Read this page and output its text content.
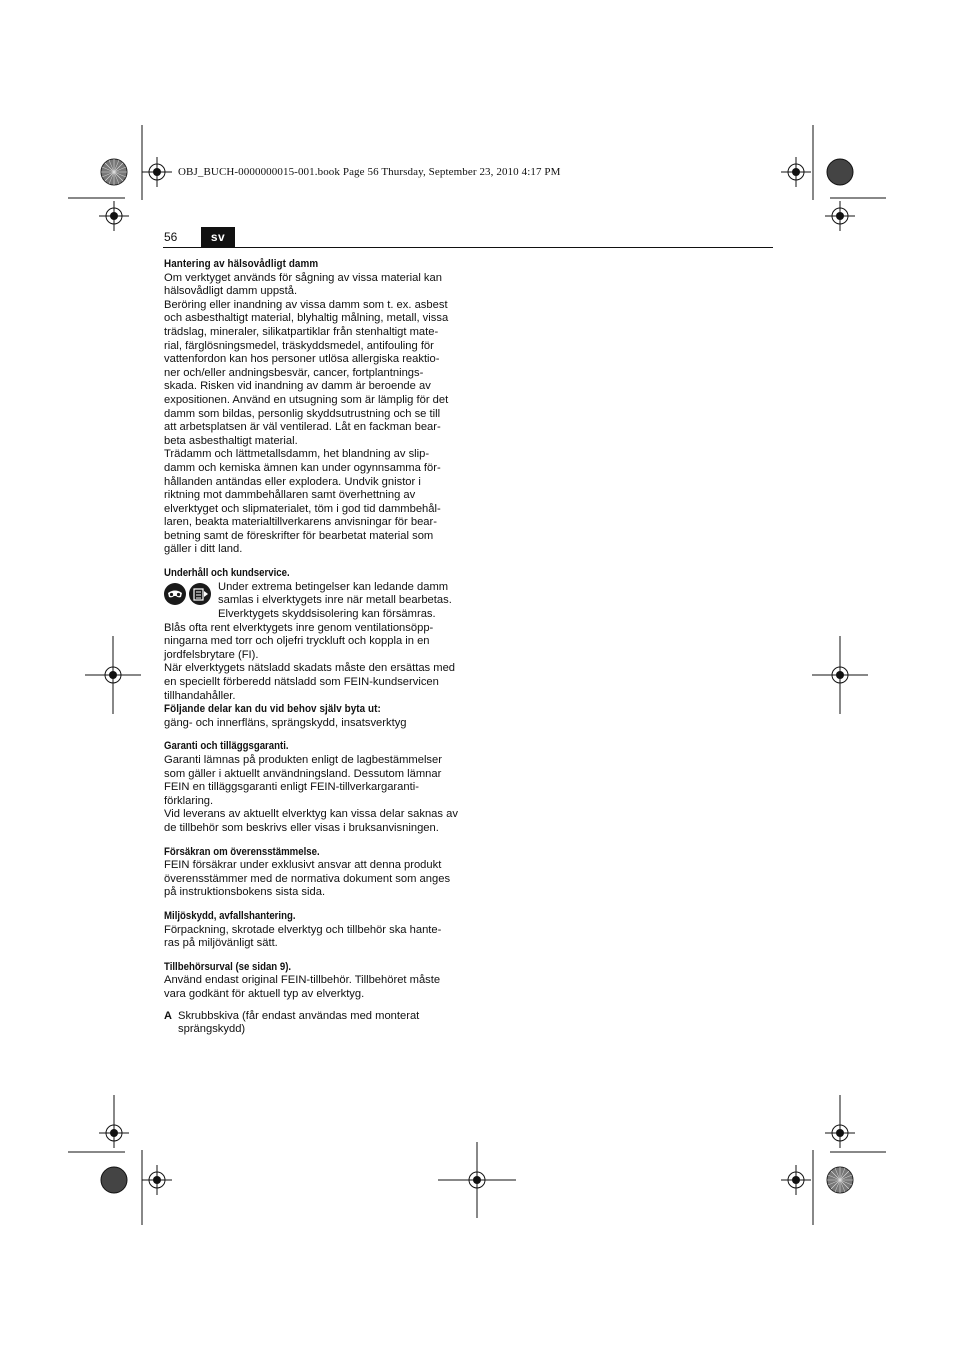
OBJ_BUCH-0000000015-001.book Page 56 Thursday, September 23, 2010 4:17 PM
56	sv

Hantering av hälsovådligt damm

Om verktyget används för sågning av vissa material kan

hälsovådligt damm uppstå.

Beröring eller inandning av vissa damm som t. ex. asbest

och asbesthaltigt material, blyhaltig målning, metall, vissa

trädslag, mineraler, silikatpartiklar från stenhaltigt mate-

rial, färglösningsmedel, träskyddsmedel, antifouling för

vattenfordon kan hos personer utlösa allergiska reaktio-

ner och/eller andningsbesvär, cancer, fortplantnings-

skada. Risken vid inandning av damm är beroende av

expositionen. Använd en utsugning som är lämplig för det

damm som bildas, personlig skyddsutrustning och se till

att arbetsplatsen är väl ventilerad. Låt en fackman bear-

beta asbesthaltigt material.

Trädamm och lättmetallsdamm, het blandning av slip-

damm och kemiska ämnen kan under ogynnsamma för-

hållanden antändas eller explodera. Undvik gnistor i

riktning mot dammbehållaren samt överhettning av

elverktyget och slipmaterialet, töm i god tid dammbehål-

laren, beakta materialtillverkarens anvisningar för bear-

betning samt de föreskrifter för bearbetat material som

gäller i ditt land.

Underhåll och kundservice.

Under extrema betingelser kan ledande damm

samlas i elverktygets inre när metall bearbetas.

Elverktygets skyddsisolering kan försämras.

Blås ofta rent elverktygets inre genom ventilationsöpp-

ningarna med torr och oljefri tryckluft och koppla in en

jordfelsbrytare (FI).

När elverktygets nätsladd skadats måste den ersättas med

en speciellt förberedd nätsladd som FEIN-kundservicen

tillhandahåller.

Följande delar kan du vid behov själv byta ut:

gäng- och innerfläns, sprängskydd, insatsverktyg

Garanti och tilläggsgaranti.

Garanti lämnas på produkten enligt de lagbestämmelser

som gäller i aktuellt användningsland. Dessutom lämnar

FEIN en tilläggsgaranti enligt FEIN-tillverkargaranti-

förklaring.

Vid leverans av aktuellt elverktyg kan vissa delar saknas av

de tillbehör som beskrivs eller visas i bruksanvisningen.

Försäkran om överensstämmelse.

FEIN försäkrar under exklusivt ansvar att denna produkt

överensstämmer med de normativa dokument som anges

på instruktionsbokens sista sida.

Miljöskydd, avfallshantering.

Förpackning, skrotade elverktyg och tillbehör ska hante-

ras på miljövänligt sätt.

Tillbehörsurval (se sidan 9).

Använd endast original FEIN-tillbehör. Tillbehöret måste

vara godkänt för aktuell typ av elverktyg.

A Skrubbskiva (får endast användas med monterat

sprängskydd)
